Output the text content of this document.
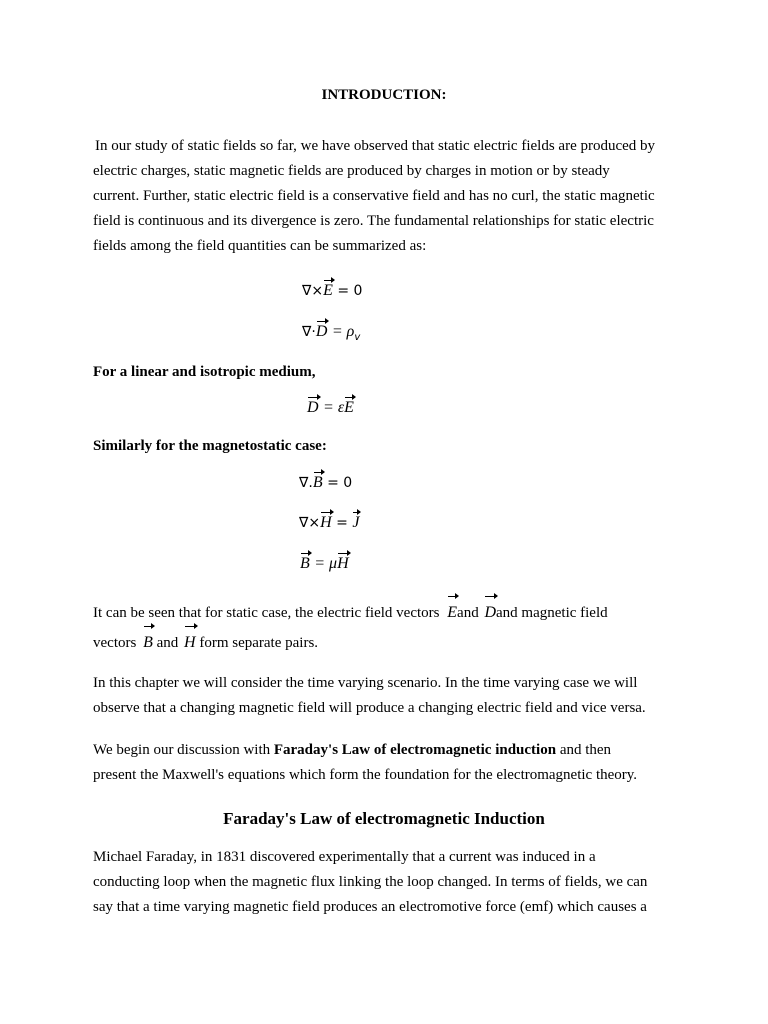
INTRODUCTION:
In our study of static fields so far, we have observed that static electric fields are produced by
electric charges, static magnetic fields are produced by charges in motion or by steady
current. Further, static electric field is a conservative field and has no curl, the static magnetic
field is continuous and its divergence is zero. The fundamental relationships for static electric
fields among the field quantities can be summarized as:
∇×E = 0
$\nabla\cdot D = \rho_v$
For a linear and isotropic medium,
D = εE
Similarly for the magnetostatic case:
∇.B = 0
∇×H = J
B = μH
It can be seen that for static case, the electric field vectors Eand Dand magnetic field
vectors B and H form separate pairs.
In this chapter we will consider the time varying scenario. In the time varying case we will
observe that a changing magnetic field will produce a changing electric field and vice versa.
We begin our discussion with Faraday's Law of electromagnetic induction and then
present the Maxwell's equations which form the foundation for the electromagnetic theory.
Faraday's Law of electromagnetic Induction
Michael Faraday, in 1831 discovered experimentally that a current was induced in a
conducting loop when the magnetic flux linking the loop changed. In terms of fields, we can
say that a time varying magnetic field produces an electromotive force (emf) which causes a
